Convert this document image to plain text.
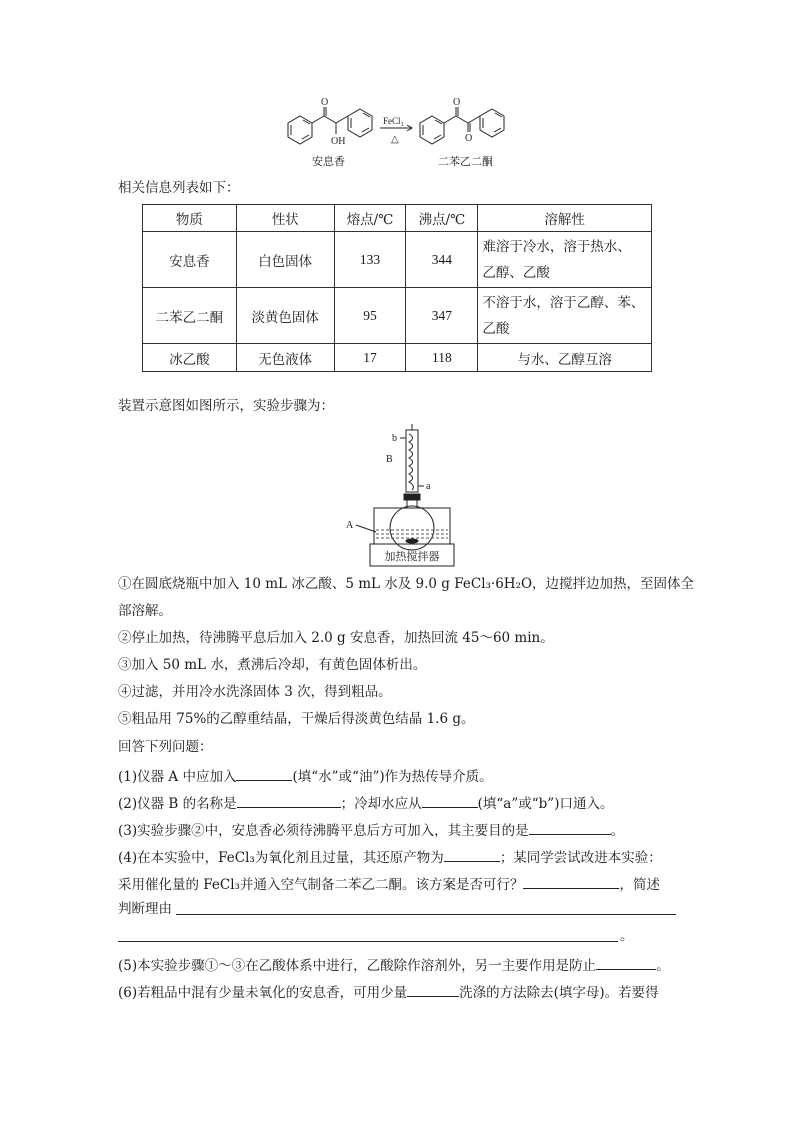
O
OH
O
O
FeCl₃
△
安息香	二苯乙二酮
相关信息列表如下：
物质	性状	熔点/℃	沸点/℃	溶解性
安息香	白色固体	133	344	难溶于冷水，溶于热水、
乙醇、乙酸

二苯乙二酮	淡黄色固体	95	347	不溶于水，溶于乙醇、苯、
乙酸

冰乙酸	无色液体	17	118	与水、乙醇互溶
装置示意图如图所示，实验步骤为：
b
B
a
A
加热搅拌器
①在圆底烧瓶中加入 10 mL 冰乙酸、5 mL 水及 9.0 g FeCl₃·6H₂O，边搅拌边加热，至固体全
部溶解。
②停止加热，待沸腾平息后加入 2.0 g 安息香，加热回流 45～60 min。
③加入 50 mL 水，煮沸后冷却，有黄色固体析出。
④过滤，并用冷水洗涤固体 3 次，得到粗品。
⑤粗品用 75%的乙醇重结晶，干燥后得淡黄色结晶 1.6 g。
回答下列问题：
(1)仪器 A 中应加入	(填“水”或“油”)作为热传导介质。
(2)仪器 B 的名称是	；冷却水应从	(填“a”或“b”)口通入。
(3)实验步骤②中，安息香必须待沸腾平息后方可加入，其主要目的是	。
(4)在本实验中，FeCl₃为氧化剂且过量，其还原产物为	；某同学尝试改进本实验：
采用催化量的 FeCl₃并通入空气制备二苯乙二酮。该方案是否可行？	，简述
判断理由
。
(5)本实验步骤①～③在乙酸体系中进行，乙酸除作溶剂外，另一主要作用是防止	。
(6)若粗品中混有少量未氧化的安息香，可用少量	洗涤的方法除去(填字母)。若要得
